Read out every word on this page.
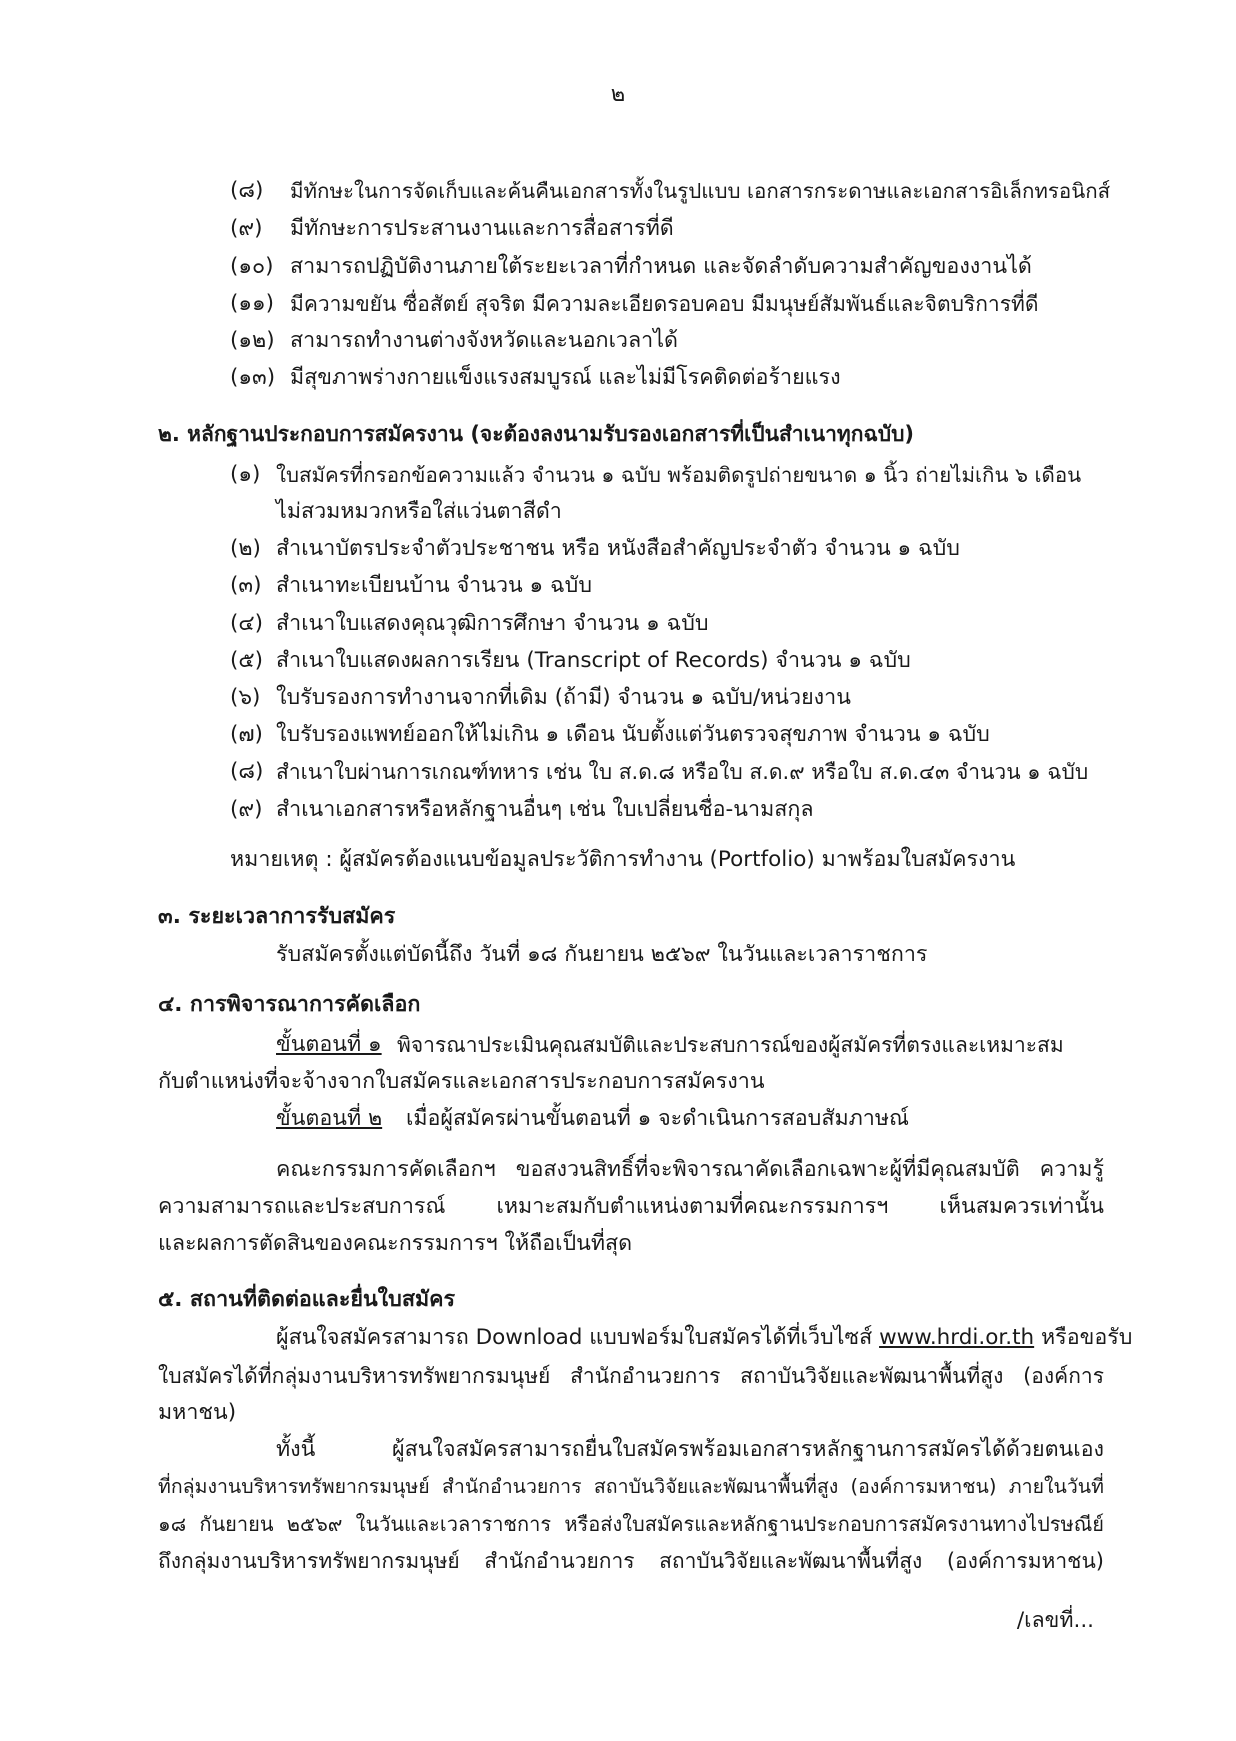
๒
(๘) มีทักษะในการจัดเก็บและค้นคืนเอกสารทั้งในรูปแบบ เอกสารกระดาษและเอกสารอิเล็กทรอนิกส์
(๙) มีทักษะการประสานงานและการสื่อสารที่ดี
(๑๐) สามารถปฏิบัติงานภายใต้ระยะเวลาที่กำหนด และจัดลำดับความสำคัญของงานได้
(๑๑) มีความขยัน ซื่อสัตย์ สุจริต มีความละเอียดรอบคอบ มีมนุษย์สัมพันธ์และจิตบริการที่ดี
(๑๒) สามารถทำงานต่างจังหวัดและนอกเวลาได้
(๑๓) มีสุขภาพร่างกายแข็งแรงสมบูรณ์ และไม่มีโรคติดต่อร้ายแรง
๒. หลักฐานประกอบการสมัครงาน (จะต้องลงนามรับรองเอกสารที่เป็นสำเนาทุกฉบับ)
(๑) ใบสมัครที่กรอกข้อความแล้ว จำนวน ๑ ฉบับ พร้อมติดรูปถ่ายขนาด ๑ นิ้ว ถ่ายไม่เกิน ๖ เดือน
ไม่สวมหมวกหรือใส่แว่นตาสีดำ
(๒) สำเนาบัตรประจำตัวประชาชน หรือ หนังสือสำคัญประจำตัว จำนวน ๑ ฉบับ
(๓) สำเนาทะเบียนบ้าน จำนวน ๑ ฉบับ
(๔) สำเนาใบแสดงคุณวุฒิการศึกษา จำนวน ๑ ฉบับ
(๕) สำเนาใบแสดงผลการเรียน (Transcript of Records) จำนวน ๑ ฉบับ
(๖) ใบรับรองการทำงานจากที่เดิม (ถ้ามี) จำนวน ๑ ฉบับ/หน่วยงาน
(๗) ใบรับรองแพทย์ออกให้ไม่เกิน ๑ เดือน นับตั้งแต่วันตรวจสุขภาพ จำนวน ๑ ฉบับ
(๘) สำเนาใบผ่านการเกณฑ์ทหาร เช่น ใบ ส.ด.๘ หรือใบ ส.ด.๙ หรือใบ ส.ด.๔๓ จำนวน ๑ ฉบับ
(๙) สำเนาเอกสารหรือหลักฐานอื่นๆ เช่น ใบเปลี่ยนชื่อ-นามสกุล
หมายเหตุ : ผู้สมัครต้องแนบข้อมูลประวัติการทำงาน (Portfolio) มาพร้อมใบสมัครงาน
๓. ระยะเวลาการรับสมัคร
รับสมัครตั้งแต่บัดนี้ถึง วันที่ ๑๘ กันยายน ๒๕๖๙ ในวันและเวลาราชการ
๔. การพิจารณาการคัดเลือก
ขั้นตอนที่ ๑ พิจารณาประเมินคุณสมบัติและประสบการณ์ของผู้สมัครที่ตรงและเหมาะสม
กับตำแหน่งที่จะจ้างจากใบสมัครและเอกสารประกอบการสมัครงาน
ขั้นตอนที่ ๒ เมื่อผู้สมัครผ่านขั้นตอนที่ ๑ จะดำเนินการสอบสัมภาษณ์
คณะกรรมการคัดเลือกฯ ขอสงวนสิทธิ์ที่จะพิจารณาคัดเลือกเฉพาะผู้ที่มีคุณสมบัติ ความรู้
ความสามารถและประสบการณ์ เหมาะสมกับตำแหน่งตามที่คณะกรรมการฯ เห็นสมควรเท่านั้น
และผลการตัดสินของคณะกรรมการฯ ให้ถือเป็นที่สุด
๕. สถานที่ติดต่อและยื่นใบสมัคร
ผู้สนใจสมัครสามารถ Download แบบฟอร์มใบสมัครได้ที่เว็บไซส์ www.hrdi.or.th หรือขอรับ
ใบสมัครได้ที่กลุ่มงานบริหารทรัพยากรมนุษย์ สำนักอำนวยการ สถาบันวิจัยและพัฒนาพื้นที่สูง (องค์การ
มหาชน)
ทั้งนี้ ผู้สนใจสมัครสามารถยื่นใบสมัครพร้อมเอกสารหลักฐานการสมัครได้ด้วยตนเอง
ที่กลุ่มงานบริหารทรัพยากรมนุษย์ สำนักอำนวยการ สถาบันวิจัยและพัฒนาพื้นที่สูง (องค์การมหาชน) ภายในวันที่
๑๘ กันยายน ๒๕๖๙ ในวันและเวลาราชการ หรือส่งใบสมัครและหลักฐานประกอบการสมัครงานทางไปรษณีย์
ถึงกลุ่มงานบริหารทรัพยากรมนุษย์ สำนักอำนวยการ สถาบันวิจัยและพัฒนาพื้นที่สูง (องค์การมหาชน)
/เลขที่...
